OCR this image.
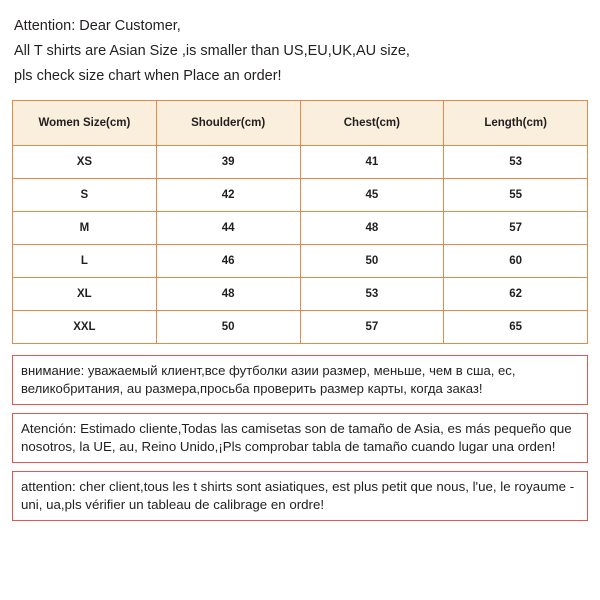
Attention: Dear Customer,
All T shirts are Asian Size ,is smaller than US,EU,UK,AU size,
pls check size chart when Place an order!
Women Size(cm)	Shoulder(cm)	Chest(cm)	Length(cm)
XS	39	41	53
S	42	45	55
M	44	48	57
L	46	50	60
XL	48	53	62
XXL	50	57	65

внимание: уважаемый клиент,все футболки азии размер, меньше, чем в сша, ес, великобритания, au размера,просьба проверить размер карты, когда заказ!

Atención: Estimado cliente,Todas las camisetas son de tamaño de Asia, es más pequeño que nosotros, la UE, au, Reino Unido,¡Pls comprobar tabla de tamaño cuando lugar una orden!

attention: cher client,tous les t shirts sont asiatiques, est plus petit que nous, l'ue, le royaume - uni, ua,pls vérifier un tableau de calibrage en ordre!
